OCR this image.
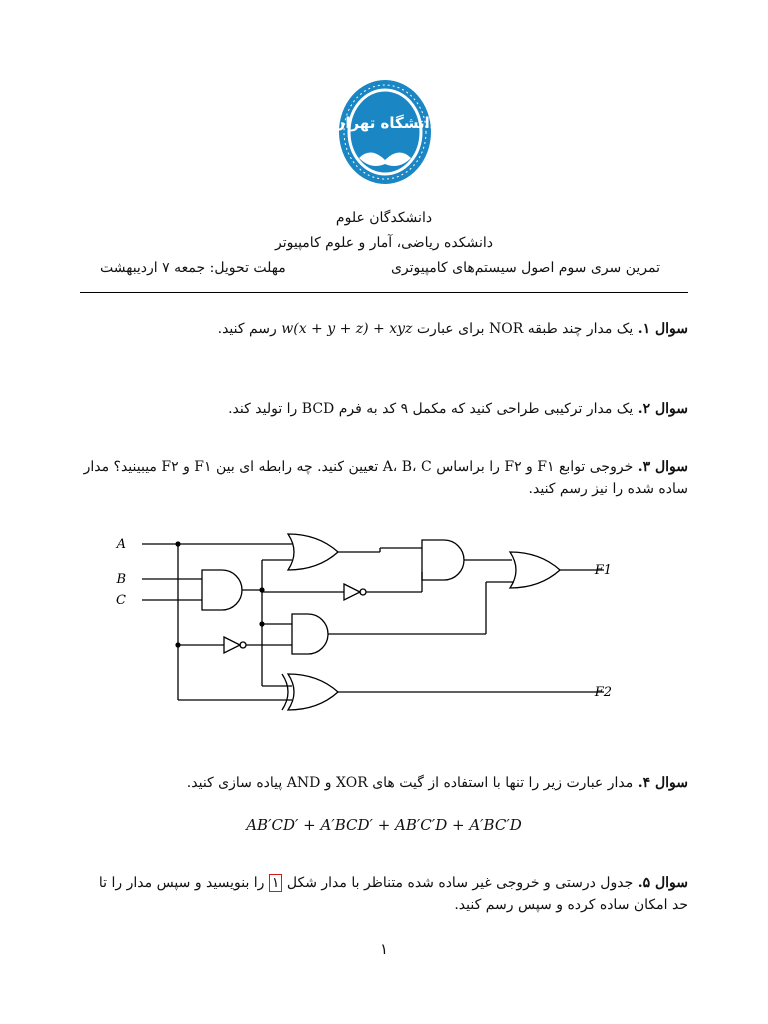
دانشگاه تهران
دانشکدگان علوم
دانشکده ریاضی، آمار و علوم کامپیوتر
تمرین سری سوم اصول سیستم‌های کامپیوتری
مهلت تحویل: جمعه ۷ اردیبهشت
سوال ۱. یک مدار چند طبقه NOR برای عبارت w(x + y + z) + xyz رسم کنید.
سوال ۲. یک مدار ترکیبی طراحی کنید که مکمل ۹ کد به فرم BCD را تولید کند.
سوال ۳. خروجی توابع F۱ و F۲ را براساس A، B، C تعیین کنید. چه رابطه ای بین F۱ و F۲ میبینید؟ مدار ساده شده را نیز رسم کنید.
A
B
C
F1
F2
سوال ۴. مدار عبارت زیر را تنها با استفاده از گیت های XOR و AND پیاده سازی کنید.
AB′CD′ + A′BCD′ + AB′C′D + A′BC′D
سوال ۵. جدول درستی و خروجی غیر ساده شده متناظر با مدار شکل ۱ را بنویسید و سپس مدار را تا حد امکان ساده کرده و سپس رسم کنید.
۱
